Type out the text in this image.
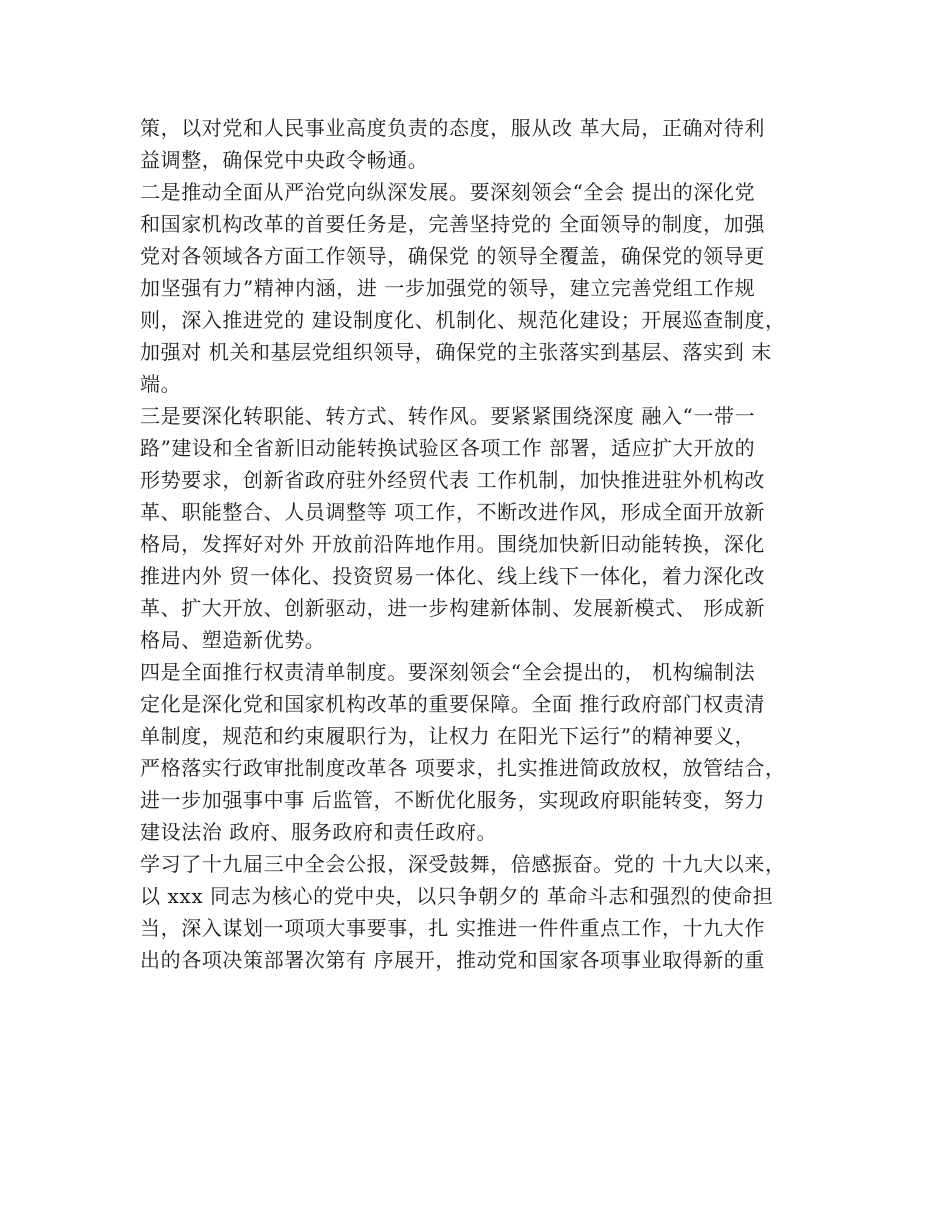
策，以对党和人民事业高度负责的态度，服从改 革大局，正确对待利
益调整，确保党中央政令畅通。
二是推动全面从严治党向纵深发展。要深刻领会“全会 提出的深化党
和国家机构改革的首要任务是，完善坚持党的 全面领导的制度，加强
党对各领域各方面工作领导，确保党 的领导全覆盖，确保党的领导更
加坚强有力”精神内涵，进 一步加强党的领导，建立完善党组工作规
则，深入推进党的 建设制度化、机制化、规范化建设；开展巡查制度，
加强对 机关和基层党组织领导，确保党的主张落实到基层、落实到 末
端。
三是要深化转职能、转方式、转作风。要紧紧围绕深度 融入“一带一
路”建设和全省新旧动能转换试验区各项工作 部署，适应扩大开放的
形势要求，创新省政府驻外经贸代表 工作机制，加快推进驻外机构改
革、职能整合、人员调整等 项工作，不断改进作风，形成全面开放新
格局，发挥好对外 开放前沿阵地作用。围绕加快新旧动能转换，深化
推进内外 贸一体化、投资贸易一体化、线上线下一体化，着力深化改
革、扩大开放、创新驱动，进一步构建新体制、发展新模式、 形成新
格局、塑造新优势。
四是全面推行权责清单制度。要深刻领会“全会提出的， 机构编制法
定化是深化党和国家机构改革的重要保障。全面 推行政府部门权责清
单制度，规范和约束履职行为，让权力 在阳光下运行”的精神要义，
严格落实行政审批制度改革各 项要求，扎实推进简政放权，放管结合，
进一步加强事中事 后监管，不断优化服务，实现政府职能转变，努力
建设法治 政府、服务政府和责任政府。
学习了十九届三中全会公报，深受鼓舞，倍感振奋。党的 十九大以来，
以 xxx 同志为核心的党中央，以只争朝夕的 革命斗志和强烈的使命担
当，深入谋划一项项大事要事，扎 实推进一件件重点工作，十九大作
出的各项决策部署次第有 序展开，推动党和国家各项事业取得新的重
